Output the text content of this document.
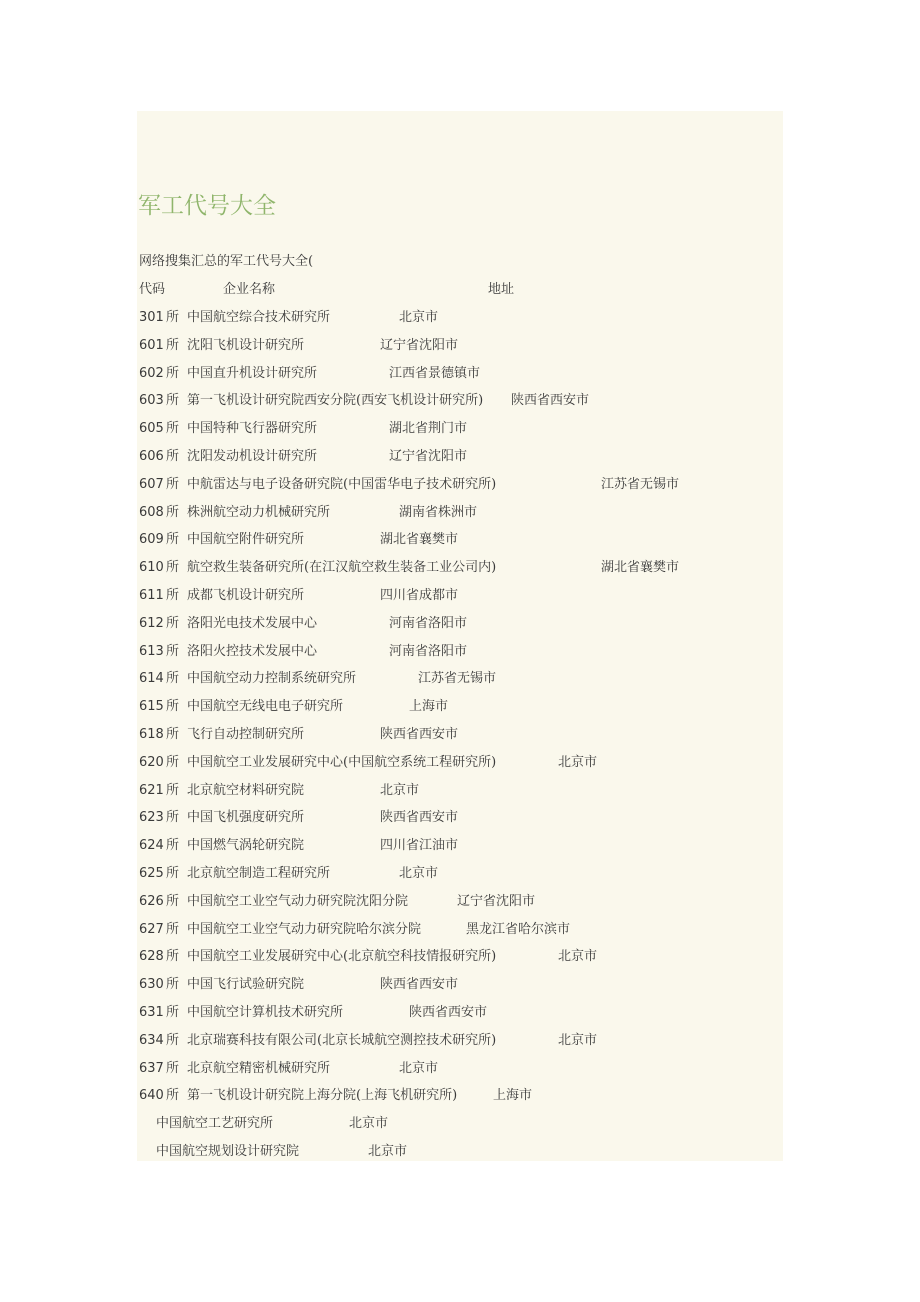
军工代号大全
网络搜集汇总的军工代号大全(
代码	企业名称	地址
301 所 中国航空综合技术研究所	北京市
601 所 沈阳飞机设计研究所	辽宁省沈阳市
602 所 中国直升机设计研究所	江西省景德镇市
603 所 第一飞机设计研究院西安分院(西安飞机设计研究所) 陕西省西安市
605 所 中国特种飞行器研究所	湖北省荆门市
606 所 沈阳发动机设计研究所	辽宁省沈阳市
607 所 中航雷达与电子设备研究院(中国雷华电子技术研究所)	江苏省无锡市
608 所 株洲航空动力机械研究所	湖南省株洲市
609 所 中国航空附件研究所	湖北省襄樊市
610 所 航空救生装备研究所(在江汉航空救生装备工业公司内)	湖北省襄樊市
611 所 成都飞机设计研究所	四川省成都市
612 所 洛阳光电技术发展中心	河南省洛阳市
613 所 洛阳火控技术发展中心	河南省洛阳市
614 所 中国航空动力控制系统研究所	江苏省无锡市
615 所 中国航空无线电电子研究所	上海市
618 所 飞行自动控制研究所	陕西省西安市
620 所 中国航空工业发展研究中心(中国航空系统工程研究所)	北京市
621 所 北京航空材料研究院	北京市
623 所 中国飞机强度研究所	陕西省西安市
624 所 中国燃气涡轮研究院	四川省江油市
625 所 北京航空制造工程研究所	北京市
626 所 中国航空工业空气动力研究院沈阳分院	辽宁省沈阳市
627 所 中国航空工业空气动力研究院哈尔滨分院	黑龙江省哈尔滨市
628 所 中国航空工业发展研究中心(北京航空科技情报研究所)	北京市
630 所 中国飞行试验研究院	陕西省西安市
631 所 中国航空计算机技术研究所	陕西省西安市
634 所 北京瑞赛科技有限公司(北京长城航空测控技术研究所)	北京市
637 所 北京航空精密机械研究所	北京市
640 所 第一飞机设计研究院上海分院(上海飞机研究所)	上海市
中国航空工艺研究所	北京市
中国航空规划设计研究院	北京市
